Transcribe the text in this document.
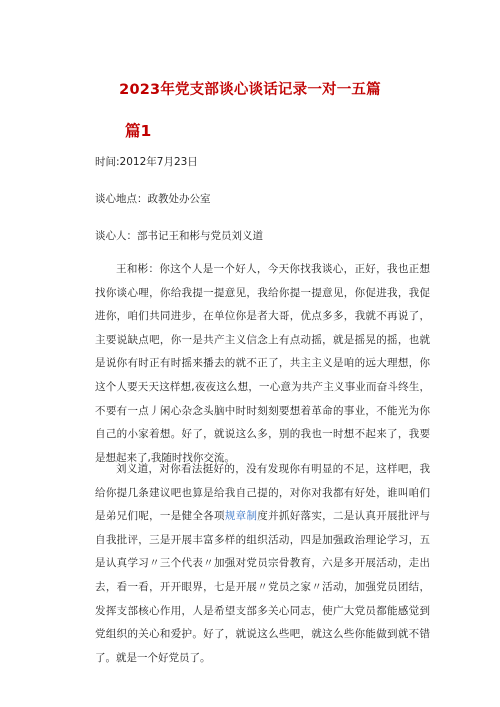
2023年党支部谈心谈话记录一对一五篇
篇1
时间:2012年7月23日
谈心地点：政教处办公室
谈心人：部书记王和彬与党员刘义道

王和彬：你这个人是一个好人，今天你找我谈心，正好，我也正想找你谈心哩，你给我提一提意见，我给你提一提意见，你促进我，我促进你，咱们共同进步，在单位你是者大哥，优点多多，我就不再说了，主要说缺点吧，你一是共产主义信念上有点动摇，就是摇晃的摇，也就是说你有时正有时摇来播去的就不正了，共主主义是咱的远大理想，你这个人要天天这样想,夜夜这么想，一心意为共产主义事业而奋斗终生，不要有一点丿闲心杂念头脑中时时刻刻要想着革命的事业，不能光为你自己的小家着想。好了，就说这么多，别的我也一时想不起来了，我要是想起来了,我随时找你交流。

刘义道，对你看法挺好的，没有发现你有明显的不足，这样吧，我给你提几条建议吧也算是给我自己提的，对你对我都有好处，谁叫咱们是弟兄们呢，一是健全各项规章制度并抓好落实，二是认真开展批评与自我批评，三是开展丰富多样的组织活动，四是加强政治理论学习，五是认真学习〃三个代表〃加强对党员宗骨教育，六是多开展活动，走出去，看一看，开开眼界，七是开展〃党员之家〃活动，加强党员团结，发挥支部核心作用，人是希望支部多关心同志，使广大党员都能感觉到党组织的关心和爱护。好了，就说这么些吧，就这么些你能做到就不错了。就是一个好党员了。
